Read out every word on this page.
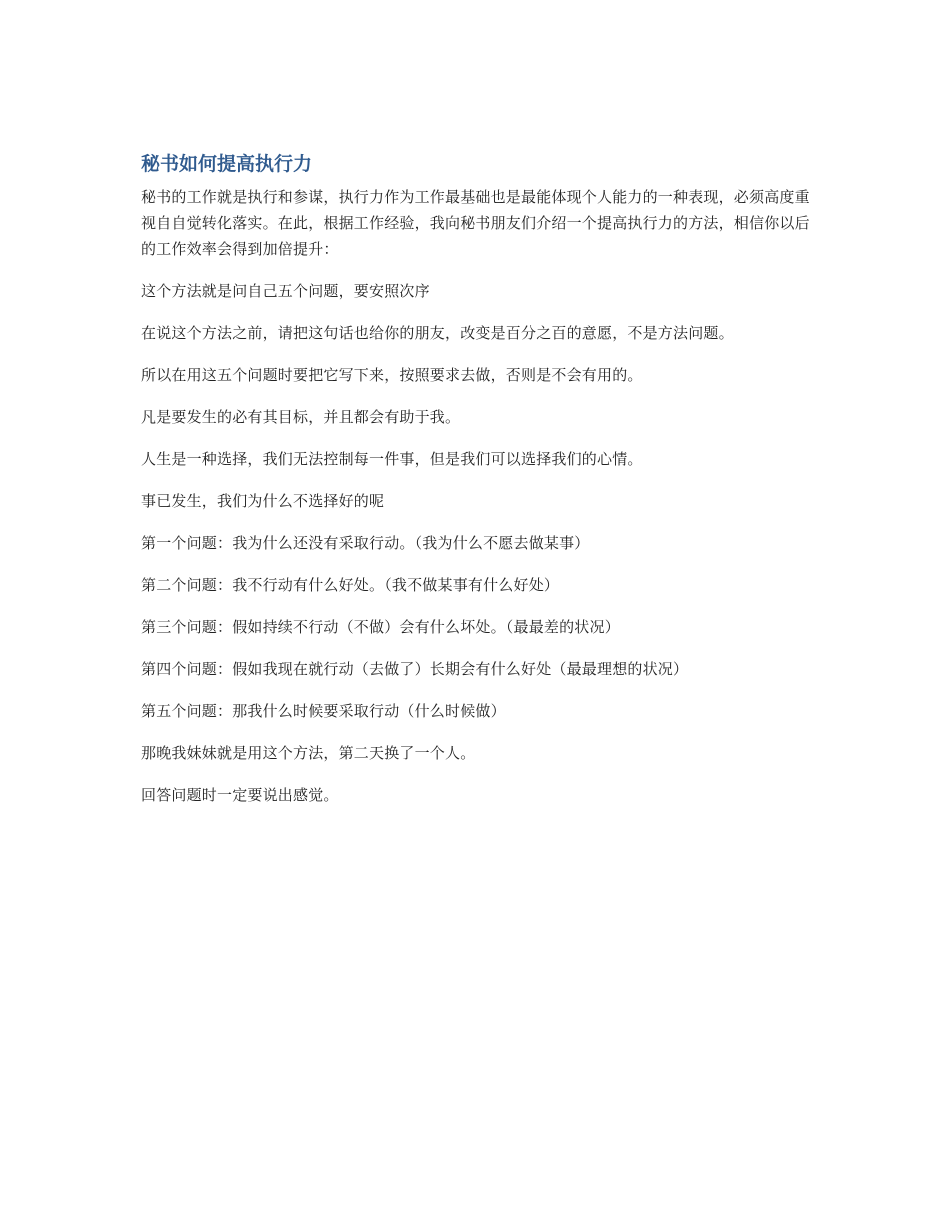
秘书如何提高执行力

秘书的工作就是执行和参谋，执行力作为工作最基础也是最能体现个人能力的一种表现，必须高度重视自自觉转化落实。在此，根据工作经验，我向秘书朋友们介绍一个提高执行力的方法，相信你以后的工作效率会得到加倍提升：

这个方法就是问自己五个问题，要安照次序

在说这个方法之前，请把这句话也给你的朋友，改变是百分之百的意愿，不是方法问题。

所以在用这五个问题时要把它写下来，按照要求去做，否则是不会有用的。

凡是要发生的必有其目标，并且都会有助于我。

人生是一种选择，我们无法控制每一件事，但是我们可以选择我们的心情。

事已发生，我们为什么不选择好的呢

第一个问题：我为什么还没有采取行动。（我为什么不愿去做某事）

第二个问题：我不行动有什么好处。（我不做某事有什么好处）

第三个问题：假如持续不行动（不做）会有什么坏处。（最最差的状况）

第四个问题：假如我现在就行动（去做了）长期会有什么好处（最最理想的状况）

第五个问题：那我什么时候要采取行动（什么时候做）

那晚我妹妹就是用这个方法，第二天换了一个人。

回答问题时一定要说出感觉。
